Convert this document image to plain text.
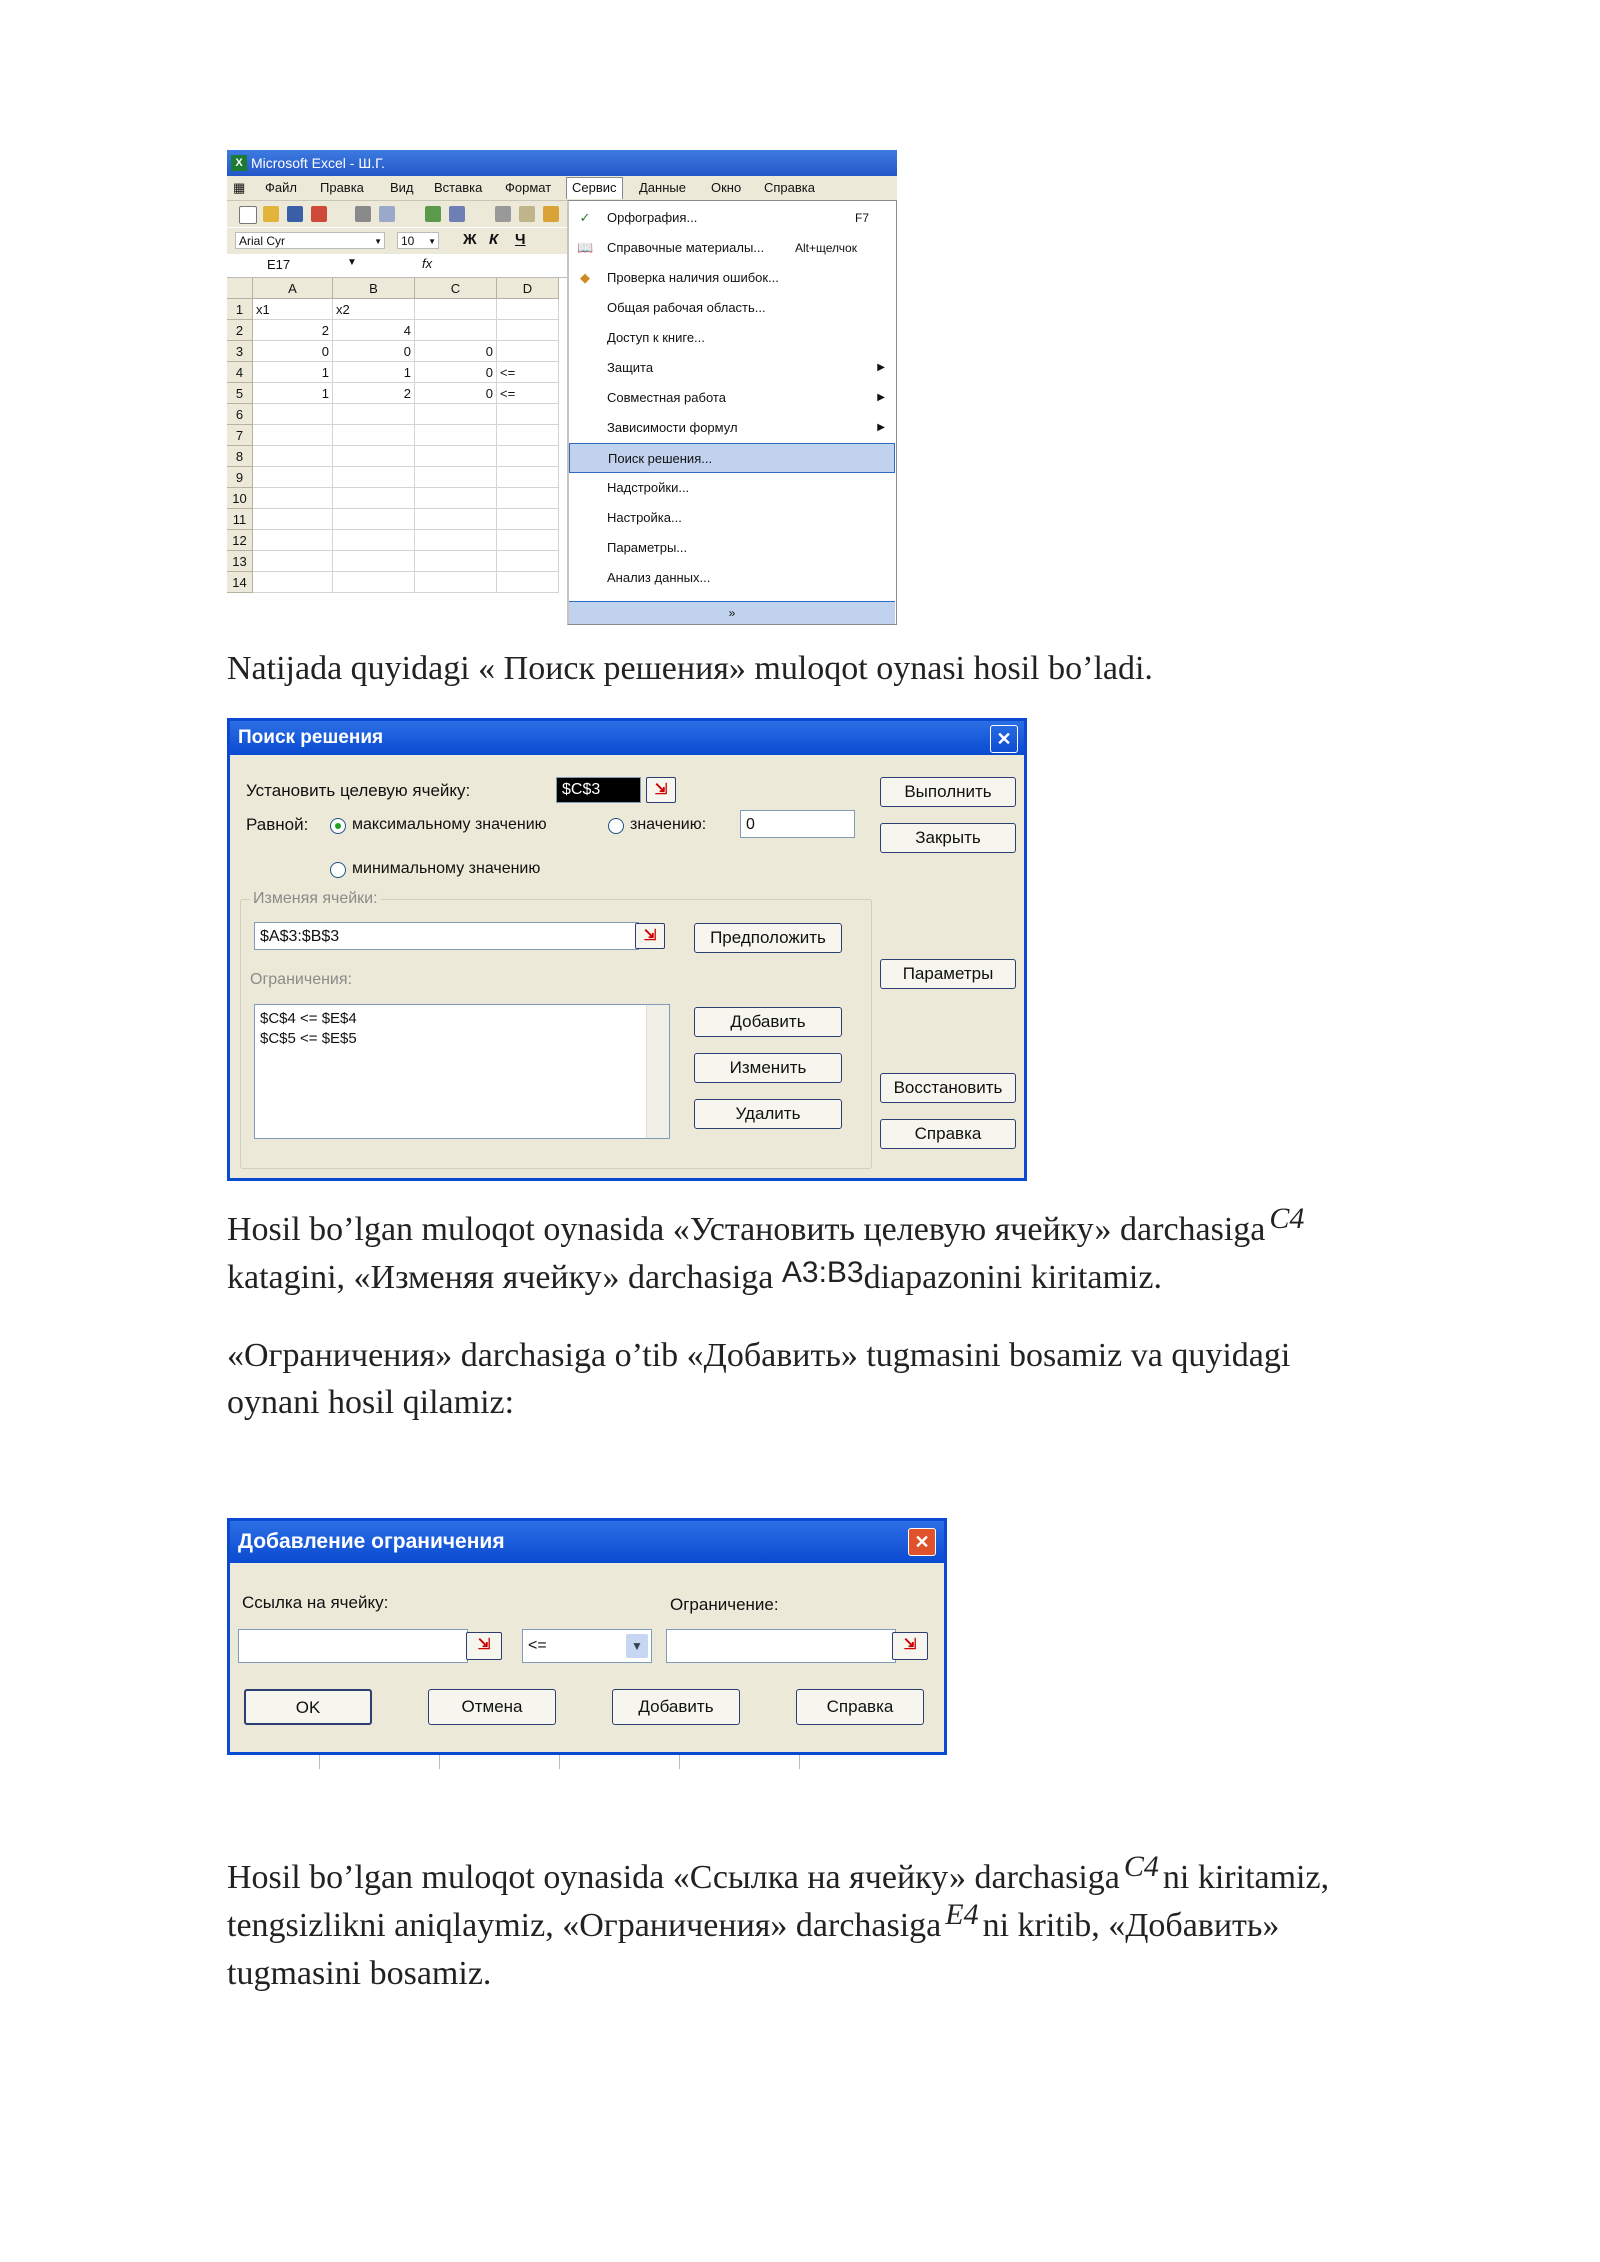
X Microsoft Excel - Ш.Г.
▦ Файл Правка Вид Вставка Формат	Сервис	Данные Окно Справка
Arial Cyr	▼	10 ▼ Ж К Ч
E17	▼	fx
A	B	C	D
1 x1	x2
2	2	4
3	0	0	0
4	1	1	0 <=
5	1	2	0 <=
6
7
8
9
10
11
12
13
14
✓ Орфография...	F7
📖 Справочные материалы...	Alt+щелчок
◆ Проверка наличия ошибок...
Общая рабочая область...
Доступ к книге...
Защита	▶
Совместная работа	▶
Зависимости формул	▶
Поиск решения...
Надстройки...
Настройка...
Параметры...
Анализ данных...
»

Natijada quyidagi « Поиск решения» muloqot oynasi hosil bo’ladi.

Поиск решения	✕
Установить целевую ячейку:	$C$3	⇲
Равной:	максимальному значению	значению:	0
минимальному значению
Изменяя ячейки:
$A$3:$B$3	⇲	Предположить
Ограничения:
$C$4 <= $E$4
$C$5 <= $E$5
Добавить
Изменить
Удалить
Выполнить
Закрыть
Параметры
Восстановить
Справка

Hosil bo’lgan muloqot oynasida «Установить целевую ячейку» darchasiga C4

katagini, «Изменяя ячейку» darchasiga A3:B3diapazonini kiritamiz.

«Ограничения» darchasiga o’tib «Добавить» tugmasini bosamiz va quyidagi

oynani hosil qilamiz:

Добавление ограничения	✕
Ссылка на ячейку:
⇲	<=	▼
Ограничение:
⇲
OK	Отмена	Добавить	Справка

Hosil bo’lgan muloqot oynasida «Ссылка на ячейку» darchasiga C4 ni kiritamiz,

tengsizlikni aniqlaymiz, «Ограничения» darchasiga E4 ni kritib, «Добавить»

tugmasini bosamiz.
